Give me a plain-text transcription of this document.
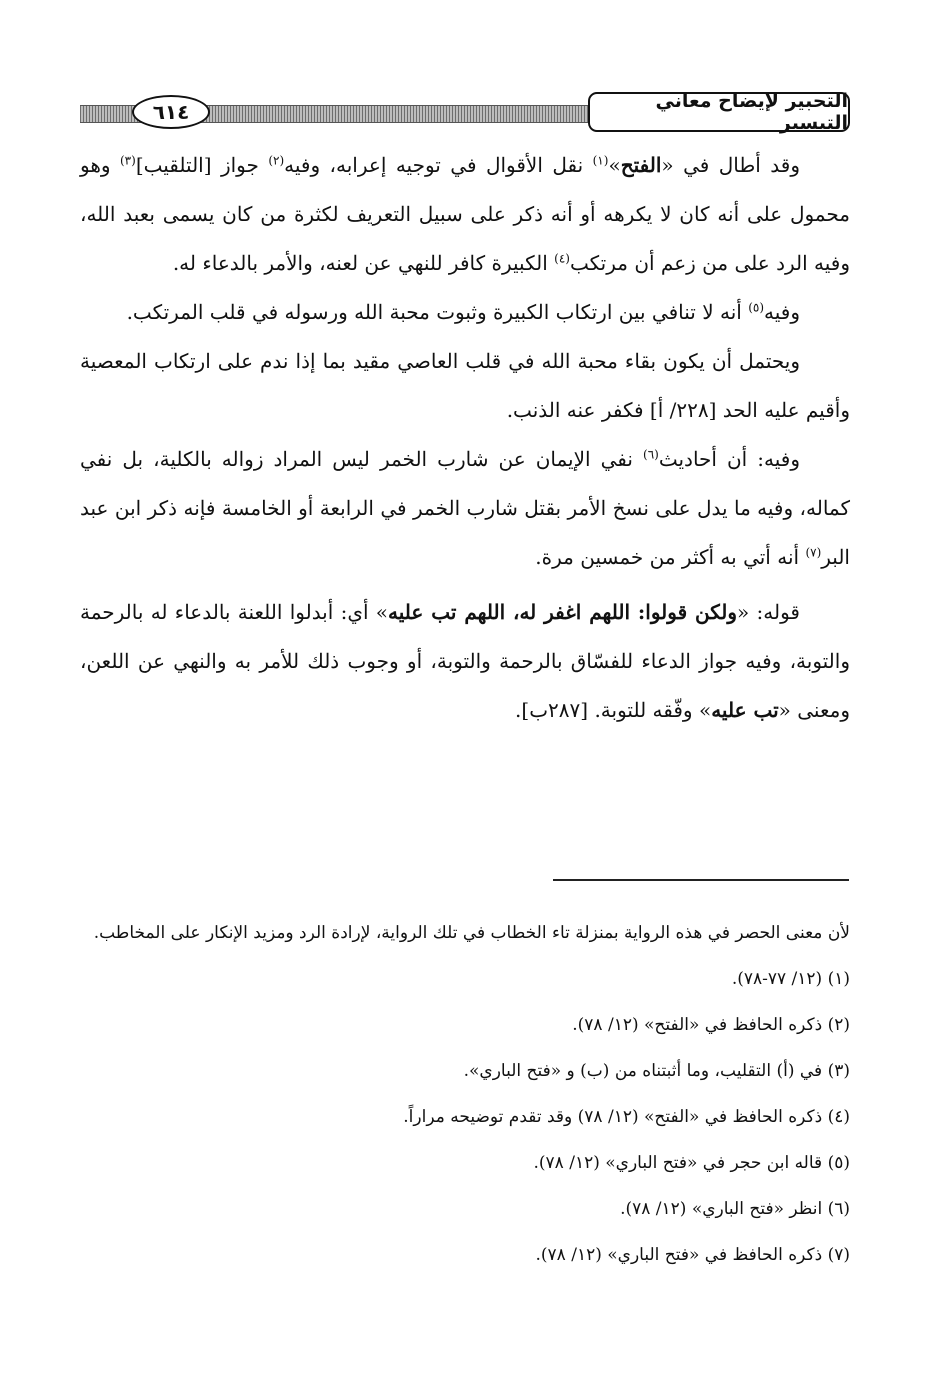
٦١٤	التحبير لإيضاح معاني التيسير

وقد أطال في «الفتح»$^{(١)}$ نقل الأقوال في توجيه إعرابه، وفيه$^{(٢)}$ جواز [التلقيب]$^{(٣)}$ وهو محمول على أنه كان لا يكرهه أو أنه ذكر على سبيل التعريف لكثرة من كان يسمى بعبد الله، وفيه الرد على من زعم أن مرتكب$^{(٤)}$ الكبيرة كافر للنهي عن لعنه، والأمر بالدعاء له.

وفيه$^{(٥)}$ أنه لا تنافي بين ارتكاب الكبيرة وثبوت محبة الله ورسوله في قلب المرتكب.

ويحتمل أن يكون بقاء محبة الله في قلب العاصي مقيد بما إذا ندم على ارتكاب المعصية وأقيم عليه الحد [٢٢٨/ أ] فكفر عنه الذنب.

وفيه: أن أحاديث$^{(٦)}$ نفي الإيمان عن شارب الخمر ليس المراد زواله بالكلية، بل نفي كماله، وفيه ما يدل على نسخ الأمر بقتل شارب الخمر في الرابعة أو الخامسة فإنه ذكر ابن عبد البر$^{(٧)}$ أنه أتي به أكثر من خمسين مرة.

قوله: «ولكن قولوا: اللهم اغفر له، اللهم تب عليه» أي: أبدلوا اللعنة بالدعاء له بالرحمة والتوبة، وفيه جواز الدعاء للفسّاق بالرحمة والتوبة، أو وجوب ذلك للأمر به والنهي عن اللعن، ومعنى «تب عليه» وفّقه للتوبة. [٢٨٧ب].

لأن معنى الحصر في هذه الرواية بمنزلة تاء الخطاب في تلك الرواية، لإرادة الرد ومزيد الإنكار على المخاطب.

(١) (١٢/ ٧٧-٧٨).

(٢) ذكره الحافظ في «الفتح» (١٢/ ٧٨).

(٣) في (أ) التقليب، وما أثبتناه من (ب) و «فتح الباري».

(٤) ذكره الحافظ في «الفتح» (١٢/ ٧٨) وقد تقدم توضيحه مراراً.

(٥) قاله ابن حجر في «فتح الباري» (١٢/ ٧٨).

(٦) انظر «فتح الباري» (١٢/ ٧٨).

(٧) ذكره الحافظ في «فتح الباري» (١٢/ ٧٨).
